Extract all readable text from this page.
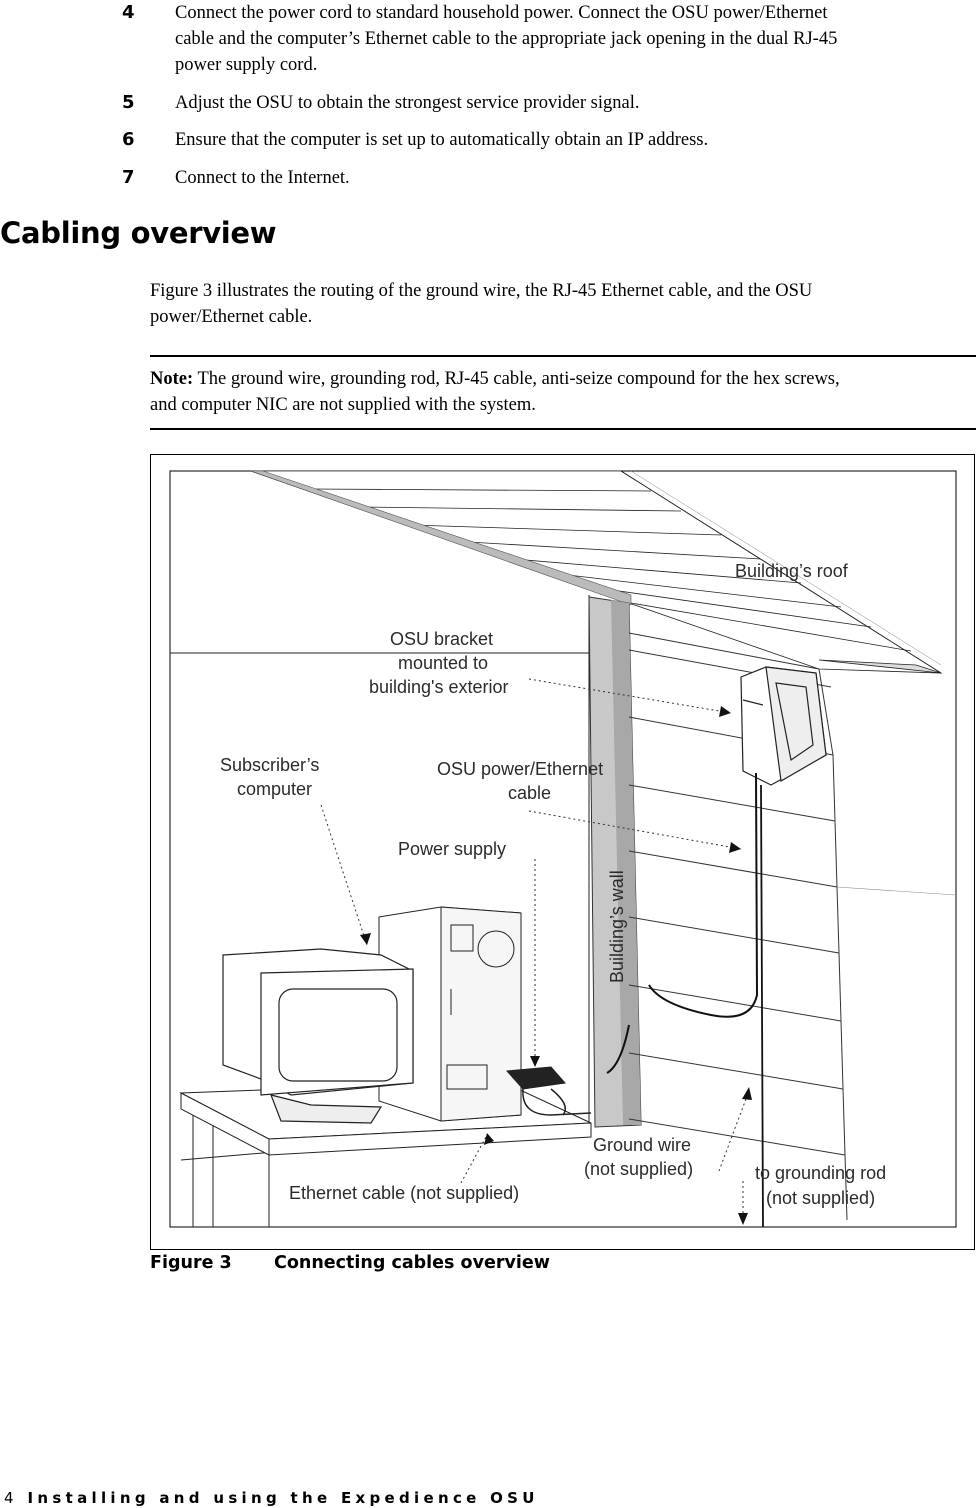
4 Connect the power cord to standard household power. Connect the OSU power/Ethernet
cable and the computer’s Ethernet cable to the appropriate jack opening in the dual RJ-45
power supply cord.
5 Adjust the OSU to obtain the strongest service provider signal.
6 Ensure that the computer is set up to automatically obtain an IP address.
7 Connect to the Internet.
Cabling overview
Figure 3 illustrates the routing of the ground wire, the RJ-45 Ethernet cable, and the OSU
power/Ethernet cable.
Note: The ground wire, grounding rod, RJ-45 cable, anti-seize compound for the hex screws,
and computer NIC are not supplied with the system.
Building’s roof
OSU bracket
mounted to
building's exterior
Subscriber’s
computer
OSU power/Ethernet
cable
Power supply
Building’s wall
Ground wire
(not supplied)	to grounding rod
(not supplied)
Ethernet cable (not supplied)
Figure 3 Connecting cables overview
4 Installing and using the Expedience OSU
